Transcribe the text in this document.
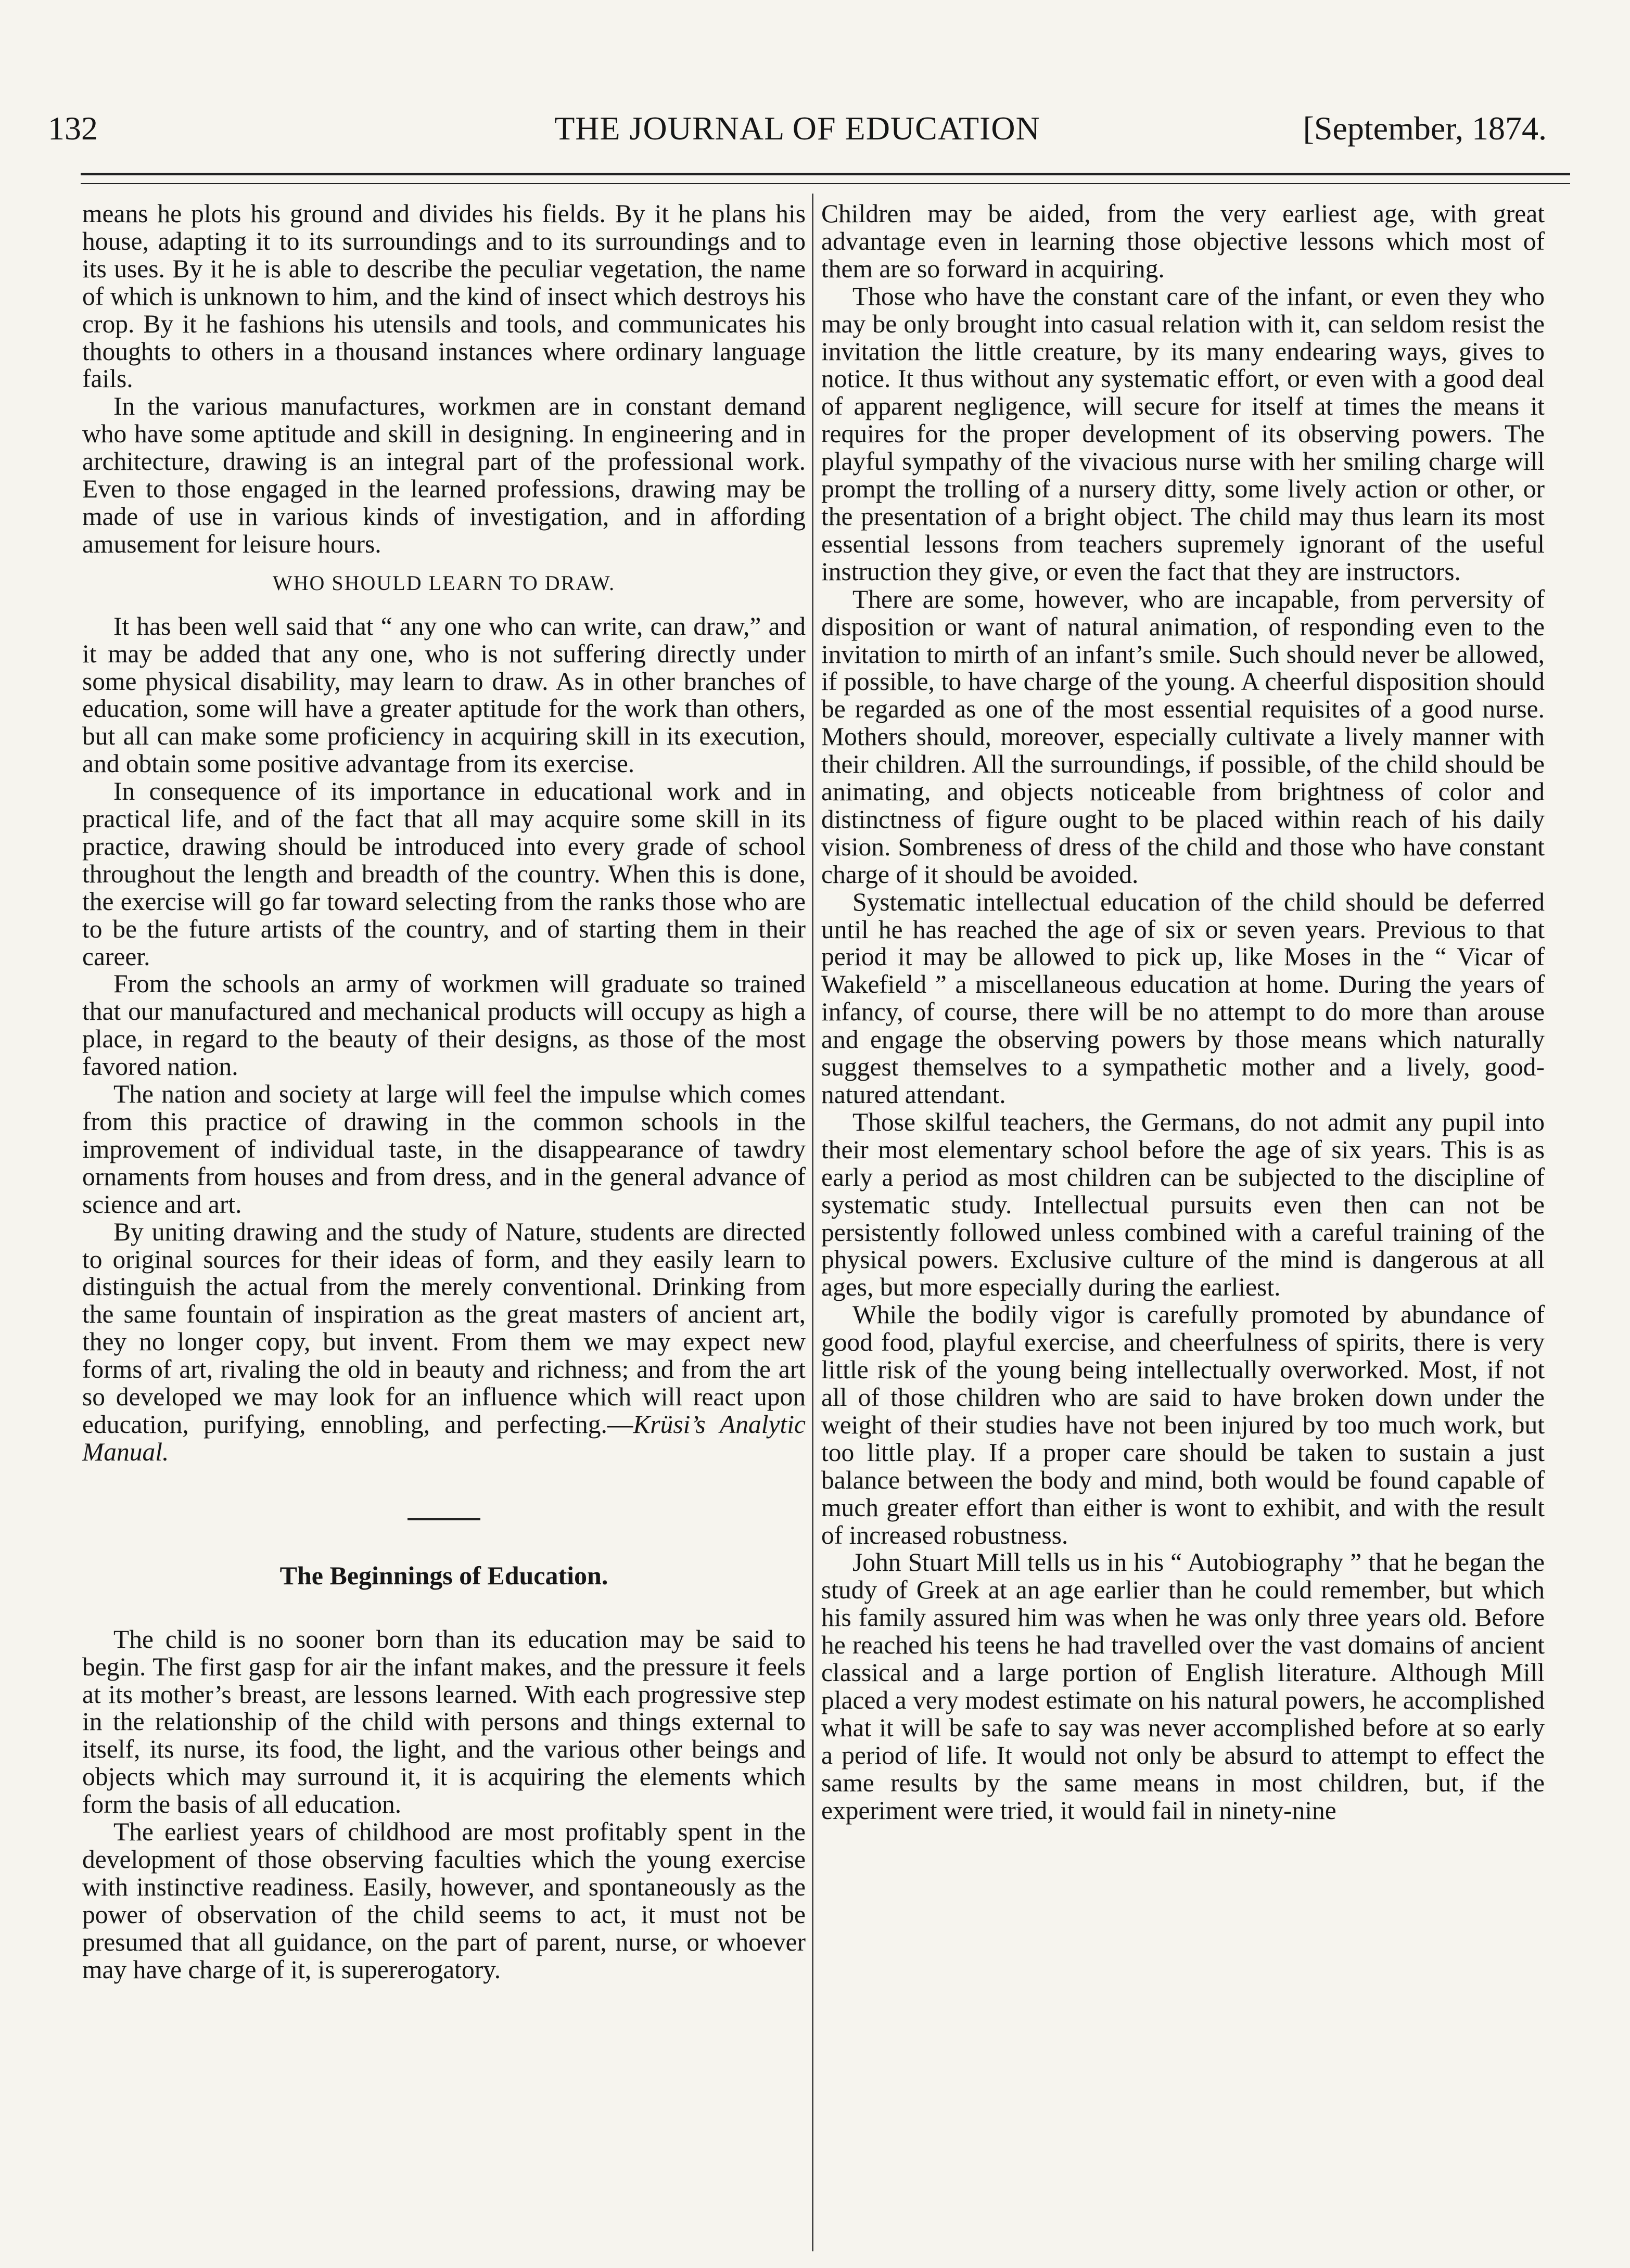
132	THE JOURNAL OF EDUCATION	[September, 1874.

means he plots his ground and divides his fields. By it he plans his house, adapting it to its surroundings and to its surroundings and to its uses. By it he is able to describe the peculiar vegetation, the name of which is unknown to him, and the kind of insect which destroys his crop. By it he fashions his utensils and tools, and communicates his thoughts to others in a thousand instances where ordinary language fails.

In the various manufactures, workmen are in constant demand who have some aptitude and skill in designing. In engineering and in architecture, drawing is an integral part of the professional work. Even to those engaged in the learned professions, drawing may be made of use in various kinds of investigation, and in affording amusement for leisure hours.

WHO SHOULD LEARN TO DRAW.

It has been well said that “ any one who can write, can draw,” and it may be added that any one, who is not suffering directly under some physical disability, may learn to draw. As in other branches of education, some will have a greater aptitude for the work than others, but all can make some proficiency in acquiring skill in its execution, and obtain some positive advantage from its exercise.

In consequence of its importance in educational work and in practical life, and of the fact that all may acquire some skill in its practice, drawing should be introduced into every grade of school throughout the length and breadth of the country. When this is done, the exercise will go far toward selecting from the ranks those who are to be the future artists of the country, and of starting them in their career.

From the schools an army of workmen will graduate so trained that our manufactured and mechanical products will occupy as high a place, in regard to the beauty of their designs, as those of the most favored nation.

The nation and society at large will feel the impulse which comes from this practice of drawing in the common schools in the improvement of individual taste, in the disappearance of tawdry ornaments from houses and from dress, and in the general advance of science and art.

By uniting drawing and the study of Nature, students are directed to original sources for their ideas of form, and they easily learn to distinguish the actual from the merely conventional. Drinking from the same fountain of inspiration as the great masters of ancient art, they no longer copy, but invent. From them we may expect new forms of art, rivaling the old in beauty and richness; and from the art so developed we may look for an influence which will react upon education, purifying, ennobling, and perfecting.—Krüsi’s Analytic Manual.

The Beginnings of Education.

The child is no sooner born than its education may be said to begin. The first gasp for air the infant makes, and the pressure it feels at its mother’s breast, are lessons learned. With each progressive step in the relationship of the child with persons and things external to itself, its nurse, its food, the light, and the various other beings and objects which may surround it, it is acquiring the elements which form the basis of all education.

The earliest years of childhood are most profitably spent in the development of those observing faculties which the young exercise with instinctive readiness. Easily, however, and spontaneously as the power of observation of the child seems to act, it must not be presumed that all guidance, on the part of parent, nurse, or whoever may have charge of it, is supererogatory.

Children may be aided, from the very earliest age, with great advantage even in learning those objective lessons which most of them are so forward in acquiring.

Those who have the constant care of the infant, or even they who may be only brought into casual relation with it, can seldom resist the invitation the little creature, by its many endearing ways, gives to notice. It thus without any systematic effort, or even with a good deal of apparent negligence, will secure for itself at times the means it requires for the proper development of its observing powers. The playful sympathy of the vivacious nurse with her smiling charge will prompt the trolling of a nursery ditty, some lively action or other, or the presentation of a bright object. The child may thus learn its most essential lessons from teachers supremely ignorant of the useful instruction they give, or even the fact that they are instructors.

There are some, however, who are incapable, from perversity of disposition or want of natural animation, of responding even to the invitation to mirth of an infant’s smile. Such should never be allowed, if possible, to have charge of the young. A cheerful disposition should be regarded as one of the most essential requisites of a good nurse. Mothers should, moreover, especially cultivate a lively manner with their children. All the surroundings, if possible, of the child should be animating, and objects noticeable from brightness of color and distinctness of figure ought to be placed within reach of his daily vision. Sombreness of dress of the child and those who have constant charge of it should be avoided.

Systematic intellectual education of the child should be deferred until he has reached the age of six or seven years. Previous to that period it may be allowed to pick up, like Moses in the “ Vicar of Wakefield ” a miscellaneous education at home. During the years of infancy, of course, there will be no attempt to do more than arouse and engage the observing powers by those means which naturally suggest themselves to a sympathetic mother and a lively, good-natured attendant.

Those skilful teachers, the Germans, do not admit any pupil into their most elementary school before the age of six years. This is as early a period as most children can be subjected to the discipline of systematic study. Intellectual pursuits even then can not be persistently followed unless combined with a careful training of the physical powers. Exclusive culture of the mind is dangerous at all ages, but more especially during the earliest.

While the bodily vigor is carefully promoted by abundance of good food, playful exercise, and cheerfulness of spirits, there is very little risk of the young being intellectually overworked. Most, if not all of those children who are said to have broken down under the weight of their studies have not been injured by too much work, but too little play. If a proper care should be taken to sustain a just balance between the body and mind, both would be found capable of much greater effort than either is wont to exhibit, and with the result of increased robustness.

John Stuart Mill tells us in his “ Autobiography ” that he began the study of Greek at an age earlier than he could remember, but which his family assured him was when he was only three years old. Before he reached his teens he had travelled over the vast domains of ancient classical and a large portion of English literature. Although Mill placed a very modest estimate on his natural powers, he accomplished what it will be safe to say was never accomplished before at so early a period of life. It would not only be absurd to attempt to effect the same results by the same means in most children, but, if the experiment were tried, it would fail in ninety-nine
